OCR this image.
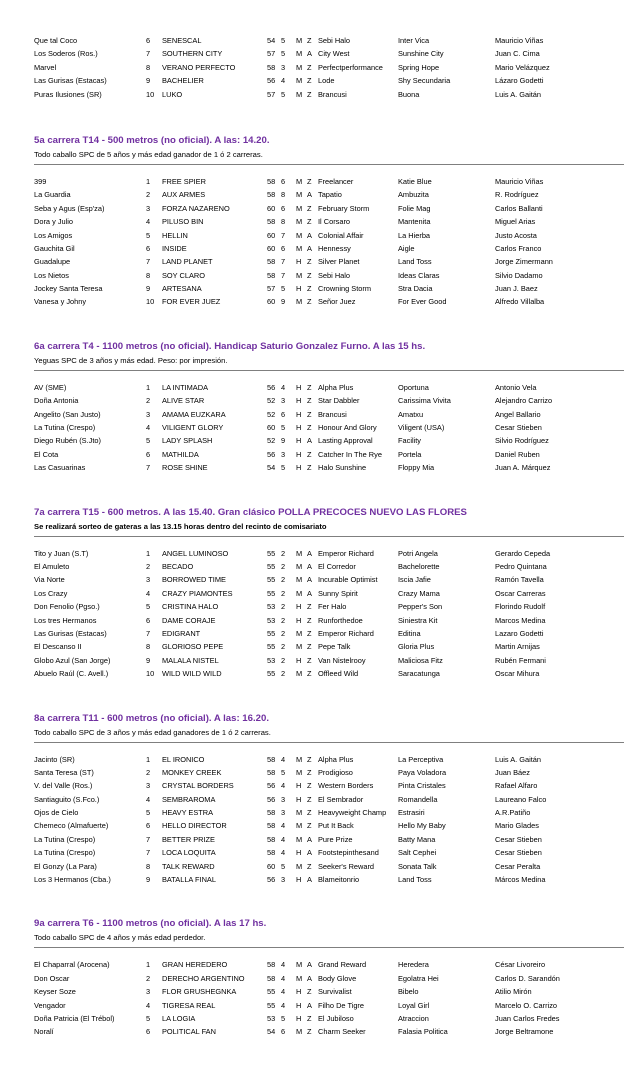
Que tal Coco	6	SENESCAL	54 5	M Z Sebi Halo	Inter Vica	Mauricio Viñas
Los Soderos (Ros.)	7	SOUTHERN CITY	57 5	M A City West	Sunshine City	Juan C. Cima
Marvel	8	VERANO PERFECTO	58 3	M Z Perfectperformance	Spring Hope	Mario Velázquez
Las Gurisas (Estacas)	9	BACHELIER	56 4	M Z Lode	Shy Secundaria	Lázaro Godetti
Puras Ilusiones (SR)	10	LUKO	57 5	M Z Brancusi	Buona	Luis A. Gaitán
5a carrera T14 - 500 metros (no oficial). A las: 14.20.
Todo caballo SPC de 5 años y más edad ganador de 1 ó 2 carreras.
399	1	FREE SPIER	58 6	M Z Freelancer	Katie Blue	Mauricio Viñas
La Guardia	2	AUX ARMES	58 8	M A Tapatio	Ambuzita	R. Rodríguez
Seba y Agus (Esp'za)	3	FORZA NAZARENO	60 6	M Z February Storm	Folie Mag	Carlos Ballanti
Dora y Julio	4	PILUSO BIN	58 8	M Z Il Corsaro	Mantenita	Miguel Arias
Los Amigos	5	HELLIN	60 7	M A Colonial Affair	La Hierba	Justo Acosta
Gauchita Gil	6	INSIDE	60 6	M A Hennessy	Aigle	Carlos Franco
Guadalupe	7	LAND PLANET	58 7	H Z Silver Planet	Land Toss	Jorge Zimermann
Los Nietos	8	SOY CLARO	58 7	M Z Sebi Halo	Ideas Claras	Silvio Dadamo
Jockey Santa Teresa	9	ARTESANA	57 5	H Z Crowning Storm	Stra Dacia	Juan J. Baez
Vanesa y Johny	10	FOR EVER JUEZ	60 9	M Z Señor Juez	For Ever Good	Alfredo Villalba
6a carrera T4 - 1100 metros (no oficial). Handicap Saturio Gonzalez Furno. A las 15 hs.
Yeguas SPC de 3 años y más edad. Peso: por impresión.
AV (SME)	1	LA INTIMADA	56 4	H Z Alpha Plus	Oportuna	Antonio Vela
Doña Antonia	2	ALIVE STAR	52 3	H Z Star Dabbler	Carissima Vivita	Alejandro Carrizo
Angelito (San Justo)	3	AMAMA EUZKARA	52 6	H Z Brancusi	Amatxu	Angel Ballario
La Tutina (Crespo)	4	VILIGENT GLORY	60 5	H Z Honour And Glory	Viligent (USA)	Cesar Stieben
Diego Rubén (S.Jto)	5	LADY SPLASH	52 9	H A Lasting Approval	Facility	Silvio Rodríguez
El Cota	6	MATHILDA	56 3	H Z Catcher In The Rye	Portela	Daniel Ruben
Las Casuarinas	7	ROSE SHINE	54 5	H Z Halo Sunshine	Floppy Mia	Juan A. Márquez
7a carrera T15 - 600 metros. A las 15.40. Gran clásico POLLA PRECOCES NUEVO LAS FLORES
Se realizará sorteo de gateras a las 13.15 horas dentro del recinto de comisariato
Tito y Juan (S.T)	1	ANGEL LUMINOSO	55 2	M A Emperor Richard	Potri Angela	Gerardo Cepeda
El Amuleto	2	BECADO	55 2	M A El Corredor	Bachelorette	Pedro Quintana
Via Norte	3	BORROWED TIME	55 2	M A Incurable Optimist	Iscia Jafie	Ramón Tavella
Los Crazy	4	CRAZY PIAMONTES	55 2	M A Sunny Spirit	Crazy Mama	Oscar Carreras
Don Fenolio (Pgso.)	5	CRISTINA HALO	53 2	H Z Fer Halo	Pepper's Son	Florindo Rudolf
Los tres Hermanos	6	DAME CORAJE	53 2	H Z Runforthedoe	Siniestra Kit	Marcos Medina
Las Gurisas (Estacas)	7	EDIGRANT	55 2	M Z Emperor Richard	Editina	Lazaro Godetti
El Descanso II	8	GLORIOSO PEPE	55 2	M Z Pepe Talk	Gloria Plus	Martin Arnijas
Globo Azul (San Jorge)	9	MALALA NISTEL	53 2	H Z Van Nistelrooy	Maliciosa Fitz	Rubén Fermani
Abuelo Raúl (C. Avell.)	10	WILD WILD WILD	55 2	M Z Offleed Wild	Saracatunga	Oscar Mihura
8a carrera T11 - 600 metros (no oficial). A las: 16.20.
Todo caballo SPC de 3 años y más edad ganadores de 1 ó 2 carreras.
Jacinto (SR)	1	EL IRONICO	58 4	M Z Alpha Plus	La Perceptiva	Luis A. Gaitán
Santa Teresa (ST)	2	MONKEY CREEK	58 5	M Z Prodigioso	Paya Voladora	Juan Báez
V. del Valle (Ros.)	3	CRYSTAL BORDERS	56 4	H Z Western Borders	Pinta Cristales	Rafael Alfaro
Santiaguito (S.Fco.)	4	SEMBRAROMA	56 3	H Z El Sembrador	Romandella	Laureano Falco
Ojos de Cielo	5	HEAVY ESTRA	58 3	M Z Heavyweight Champ	Estrasiri	A.R.Patiño
Chemeco (Almafuerte)	6	HELLO DIRECTOR	58 4	M Z Put It Back	Hello My Baby	Mario Glades
La Tutina (Crespo)	7	BETTER PRIZE	58 4	M A Pure Prize	Batty Mana	Cesar Stieben
La Tutina (Crespo)	7	LOCA LOQUITA	58 4	H A Footstepinthesand	Salt Cephei	Cesar Stieben
El Gonzy (La Para)	8	TALK REWARD	60 5	M Z Seeker's Reward	Sonata Talk	Cesar Peralta
Los 3 Hermanos (Cba.)	9	BATALLA FINAL	56 3	H A Blameitonrio	Land Toss	Márcos Medina
9a carrera T6 - 1100 metros (no oficial). A las 17 hs.
Todo caballo SPC de 4 años y más edad perdedor.
El Chaparral (Arocena)	1	GRAN HEREDERO	58 4	M A Grand Reward	Heredera	César Livoreiro
Don Oscar	2	DERECHO ARGENTINO	58 4	M A Body Glove	Egolatra Hei	Carlos D. Sarandón
Keyser Soze	3	FLOR GRUSHEGNKA	55 4	H Z Survivalist	Bibelo	Atilio Mirón
Vengador	4	TIGRESA REAL	55 4	H A Filho De Tigre	Loyal Girl	Marcelo O. Carrizo
Doña Patricia (El Trébol)	5	LA LOGIA	53 5	H Z El Jubiloso	Atraccion	Juan Carlos Fredes
Noralí	6	POLITICAL FAN	54 6	M Z Charm Seeker	Falasia Politica	Jorge Beltramone
